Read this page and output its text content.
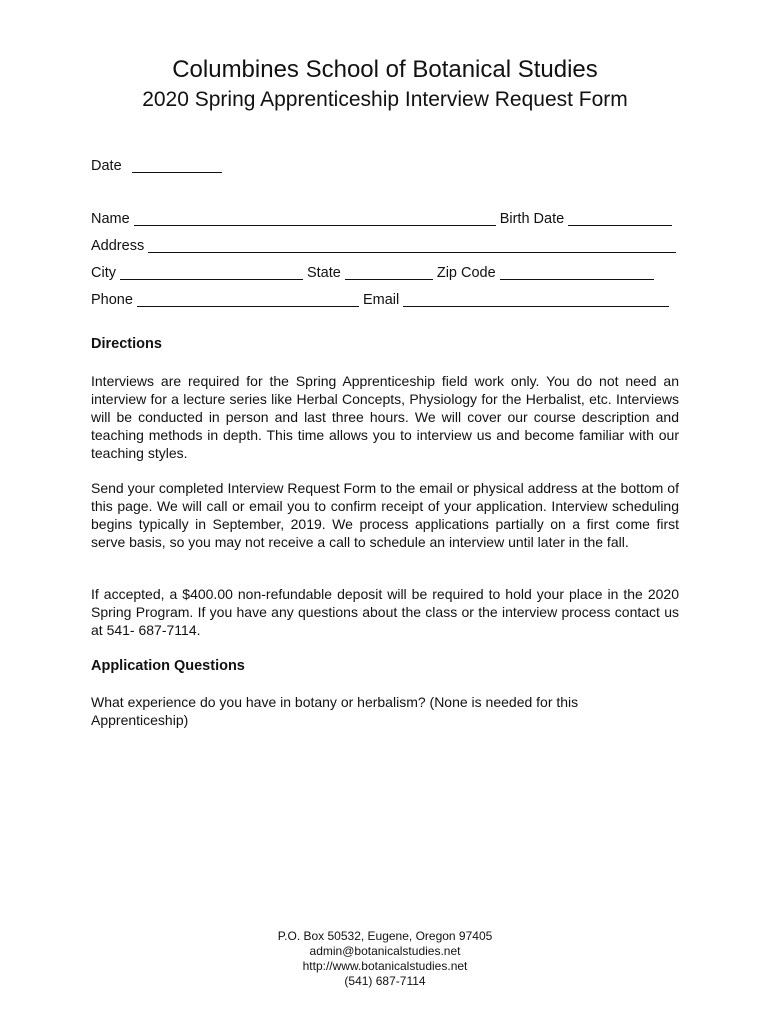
Columbines School of Botanical Studies
2020 Spring Apprenticeship Interview Request Form
Date
Name	Birth Date
Address
City	State	Zip Code
Phone	Email
Directions
Interviews are required for the Spring Apprenticeship field work only. You do not need an interview for a lecture series like Herbal Concepts, Physiology for the Herbalist, etc. Interviews will be conducted in person and last three hours. We will cover our course description and teaching methods in depth. This time allows you to interview us and become familiar with our teaching styles.
Send your completed Interview Request Form to the email or physical address at the bottom of this page. We will call or email you to confirm receipt of your application. Interview scheduling begins typically in September, 2019. We process applications partially on a first come first serve basis, so you may not receive a call to schedule an interview until later in the fall.
If accepted, a $400.00 non-refundable deposit will be required to hold your place in the 2020 Spring Program. If you have any questions about the class or the interview process contact us at 541- 687-7114.
Application Questions
What experience do you have in botany or herbalism? (None is needed for this Apprenticeship)
P.O. Box 50532, Eugene, Oregon 97405
admin@botanicalstudies.net
http://www.botanicalstudies.net
(541) 687-7114
